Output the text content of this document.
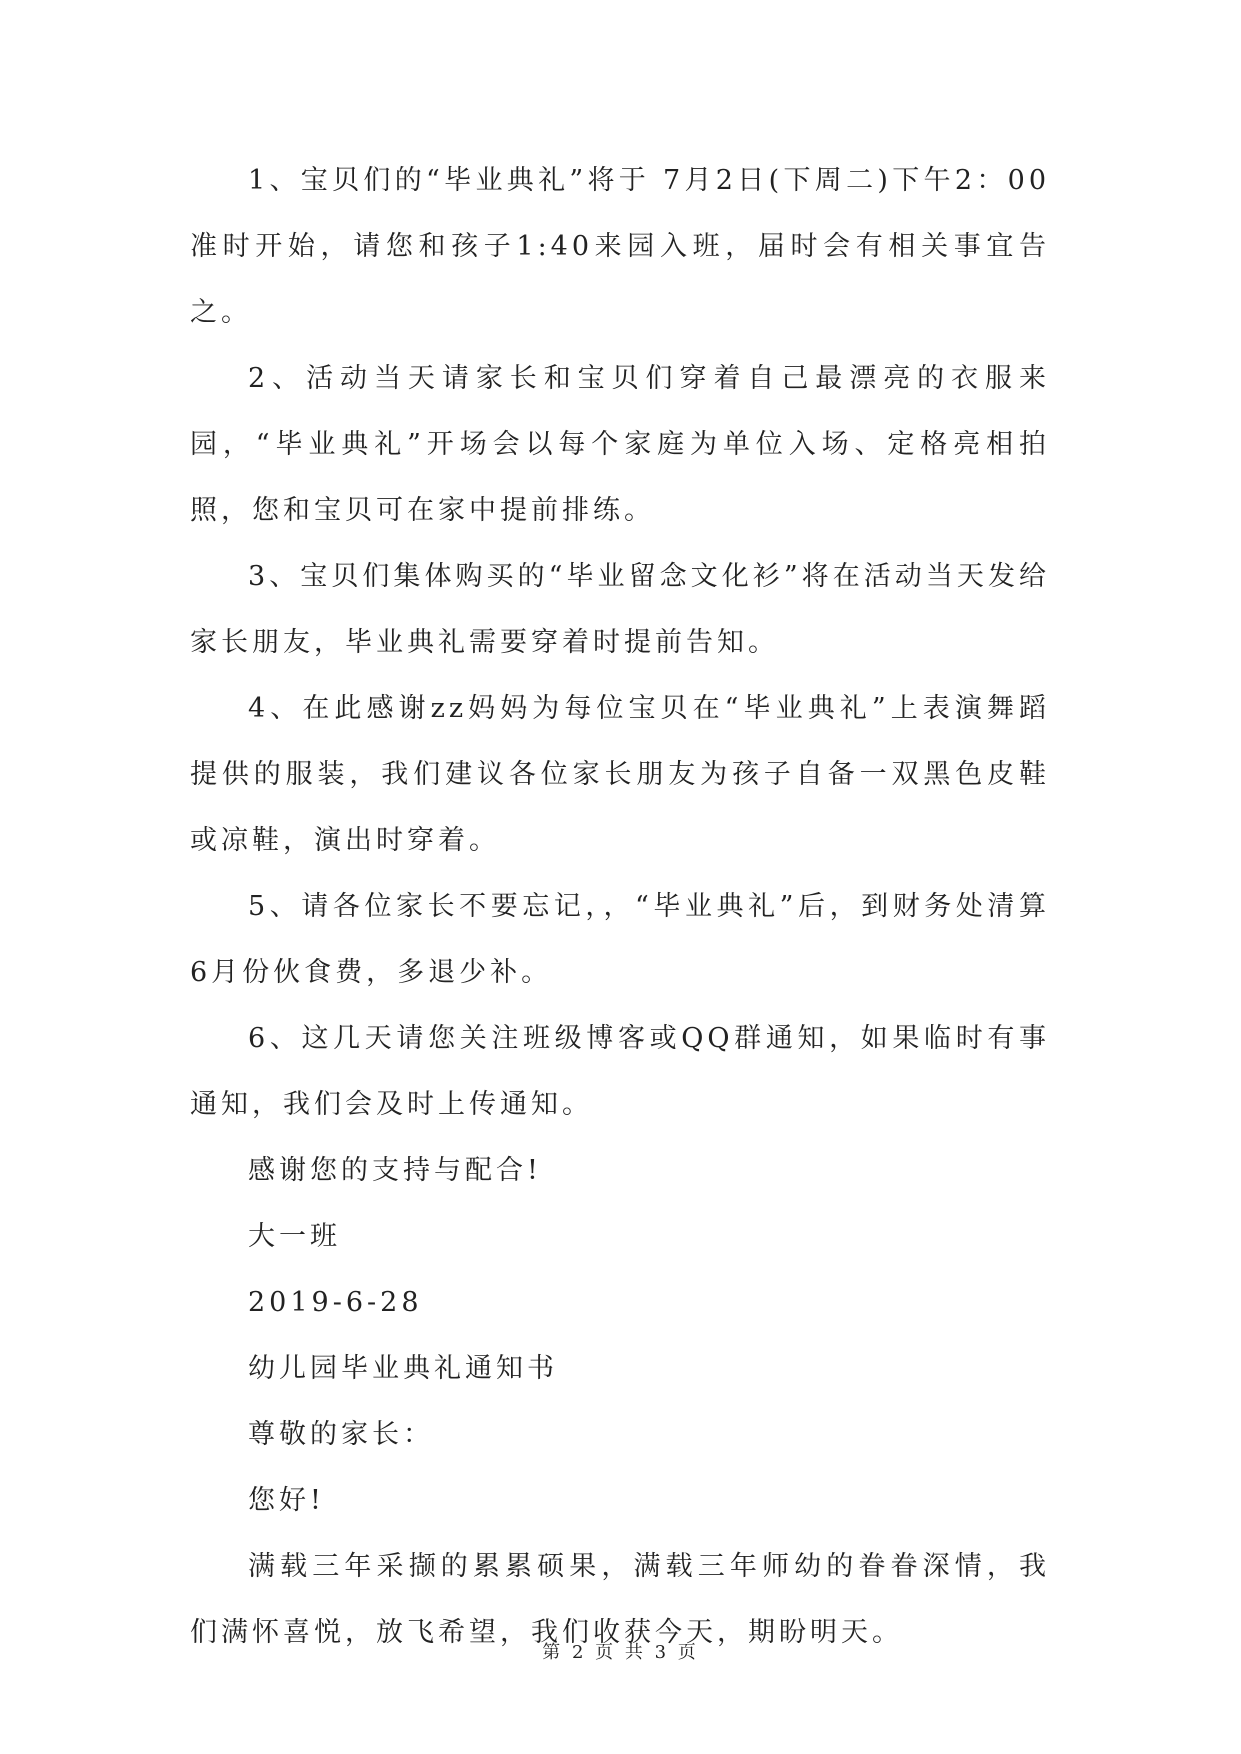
1、宝贝们的“毕业典礼”将于 7月2日(下周二)下午2：00准时开始，请您和孩子1:40来园入班，届时会有相关事宜告之。

2、活动当天请家长和宝贝们穿着自己最漂亮的衣服来园，“毕业典礼”开场会以每个家庭为单位入场、定格亮相拍照，您和宝贝可在家中提前排练。

3、宝贝们集体购买的“毕业留念文化衫”将在活动当天发给家长朋友，毕业典礼需要穿着时提前告知。

4、在此感谢zz妈妈为每位宝贝在“毕业典礼”上表演舞蹈提供的服装，我们建议各位家长朋友为孩子自备一双黑色皮鞋或凉鞋，演出时穿着。

5、请各位家长不要忘记，，“毕业典礼”后，到财务处清算6月份伙食费，多退少补。

6、这几天请您关注班级博客或QQ群通知，如果临时有事通知，我们会及时上传通知。

感谢您的支持与配合!

大一班

2019-6-28

幼儿园毕业典礼通知书

尊敬的家长：

您好!

满载三年采撷的累累硕果，满载三年师幼的眷眷深情，我们满怀喜悦，放飞希望，我们收获今天，期盼明天。

第 2 页 共 3 页
